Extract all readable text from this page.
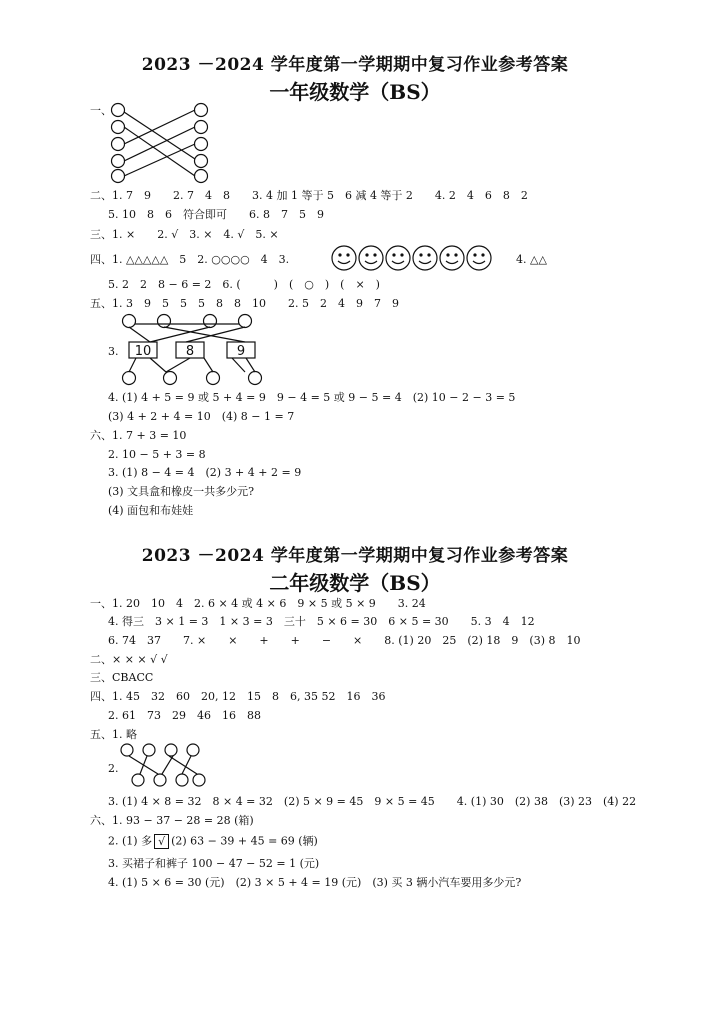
2023 －2024 学年度第一学期期中复习作业参考答案
一年级数学（BS）
一、
二、1. 7　9　　2. 7　4　8　　3. 4 加 1 等于 5　6 减 4 等于 2　　4. 2　4　6　8　2
5. 10　8　6　符合即可　　6. 8　7　5　9
三、1. ×　　2. √　3. ×　4. √　5. ×
四、1. △△△△△　5　2. ○○○○　4　3.	4. △△
5. 2　2　8 − 6 = 2　6. (　　　)　(　○　)　(　×　)
五、1. 3　9　5　5　5　8　8　10　　2. 5　2　4　9　7　9
3. 10	8	9
4. (1) 4 + 5 = 9 或 5 + 4 = 9　9 − 4 = 5 或 9 − 5 = 4　(2) 10 − 2 − 3 = 5
(3) 4 + 2 + 4 = 10　(4) 8 − 1 = 7
六、1. 7 + 3 = 10
2. 10 − 5 + 3 = 8
3. (1) 8 − 4 = 4　(2) 3 + 4 + 2 = 9
(3) 文具盒和橡皮一共多少元?
(4) 面包和布娃娃
2023 －2024 学年度第一学期期中复习作业参考答案
二年级数学（BS）
一、1. 20　10　4　2. 6 × 4 或 4 × 6　9 × 5 或 5 × 9　　3. 24
4. 得三　3 × 1 = 3　1 × 3 = 3　三十　5 × 6 = 30　6 × 5 = 30　　5. 3　4　12
6. 74　37　　7. ×　　×　　+　　+　　−　　×　　8. (1) 20　25　(2) 18　9　(3) 8　10
二、× × × √ √
三、CBACC
四、1. 45　32　60　20, 12　15　8　6, 35 52　16　36
2. 61　73　29　46　16　88
五、1. 略
2.
3. (1) 4 × 8 = 32　8 × 4 = 32　(2) 5 × 9 = 45　9 × 5 = 45　　4. (1) 30　(2) 38　(3) 23　(4) 22
六、1. 93 − 37 − 28 = 28 (箱)
2. (1) 多 √ (2) 63 − 39 + 45 = 69 (辆)
3. 买裙子和裤子 100 − 47 − 52 = 1 (元)
4. (1) 5 × 6 = 30 (元)　(2) 3 × 5 + 4 = 19 (元)　(3) 买 3 辆小汽车要用多少元?
